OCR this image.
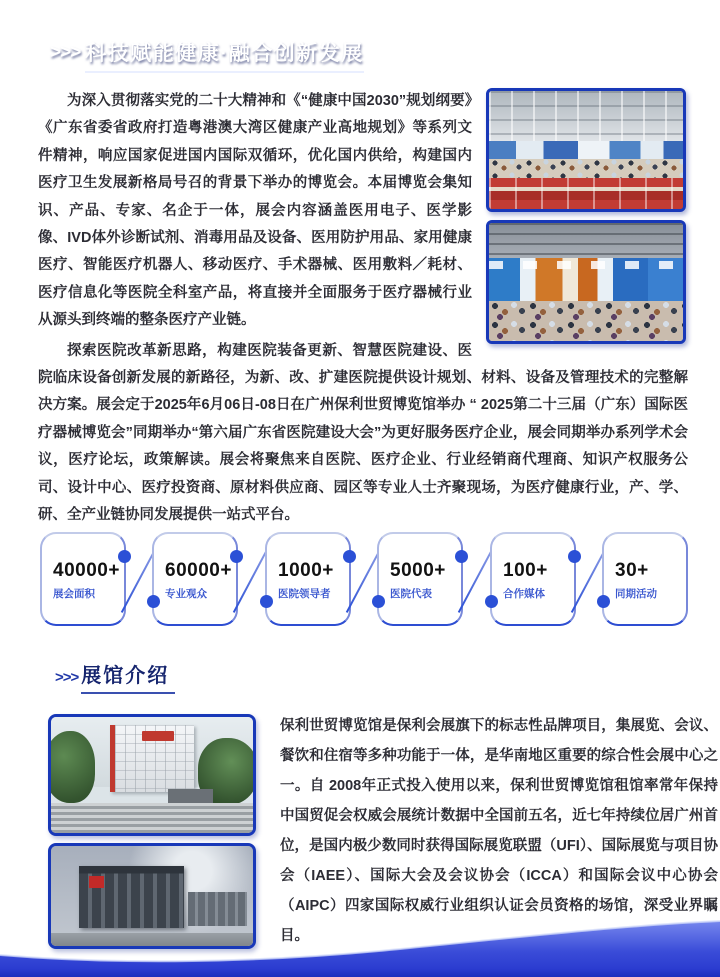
>>> 科技赋能健康·融合创新发展

为深入贯彻落实党的二十大精神和《“健康中国2030”规划纲要》《广东省委省政府打造粤港澳大湾区健康产业高地规划》等系列文件精神，响应国家促进国内国际双循环，优化国内供给，构建国内医疗卫生发展新格局号召的背景下举办的博览会。本届博览会集知识、产品、专家、名企于一体，展会内容涵盖医用电子、医学影像、IVD体外诊断试剂、消毒用品及设备、医用防护用品、家用健康医疗、智能医疗机器人、移动医疗、手术器械、医用敷料／耗材、医疗信息化等医院全科室产品，将直接并全面服务于医疗器械行业从源头到终端的整条医疗产业链。

探索医院改革新思路，构建医院装备更新、智慧医院建设、医院临床设备创新发展的新路径，为新、改、扩建医院提供设计规划、材料、设备及管理技术的完整解决方案。展会定于2025年6月06日-08日在广州保利世贸博览馆举办 “ 2025第二十三届（广东）国际医疗器械博览会”同期举办“第六届广东省医院建设大会”为更好服务医疗企业，展会同期举办系列学术会议，医疗论坛，政策解读。展会将聚焦来自医院、医疗企业、行业经销商代理商、知识产权服务公司、设计中心、医疗投资商、原材料供应商、园区等专业人士齐聚现场，为医疗健康行业，产、学、研、全产业链协同发展提供一站式平台。

40000+
展会面积
60000+
专业观众
1000+
医院领导者
5000+
医院代表
100+
合作媒体
30+
同期活动
>>> 展馆介绍

保利世贸博览馆是保利会展旗下的标志性品牌项目，集展览、会议、餐饮和住宿等多种功能于一体，是华南地区重要的综合性会展中心之一。自 2008年正式投入使用以来，保利世贸博览馆租馆率常年保持中国贸促会权威会展统计数据中全国前五名，近七年持续位居广州首位，是国内极少数同时获得国际展览联盟（UFI）、国际展览与项目协会（IAEE）、国际大会及会议协会（ICCA）和国际会议中心协会（AIPC）四家国际权威行业组织认证会员资格的场馆，深受业界瞩目。
